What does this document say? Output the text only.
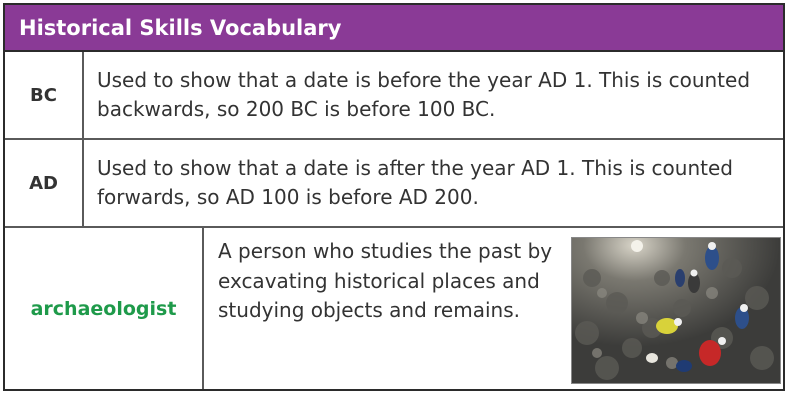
Historical Skills Vocabulary
BC
Used to show that a date is before the year AD 1. This is counted backwards, so 200 BC is before 100 BC.
AD
Used to show that a date is after the year AD 1. This is counted forwards, so AD 100 is before AD 200.
archaeologist
A person who studies the past by excavating historical places and studying objects and remains.
